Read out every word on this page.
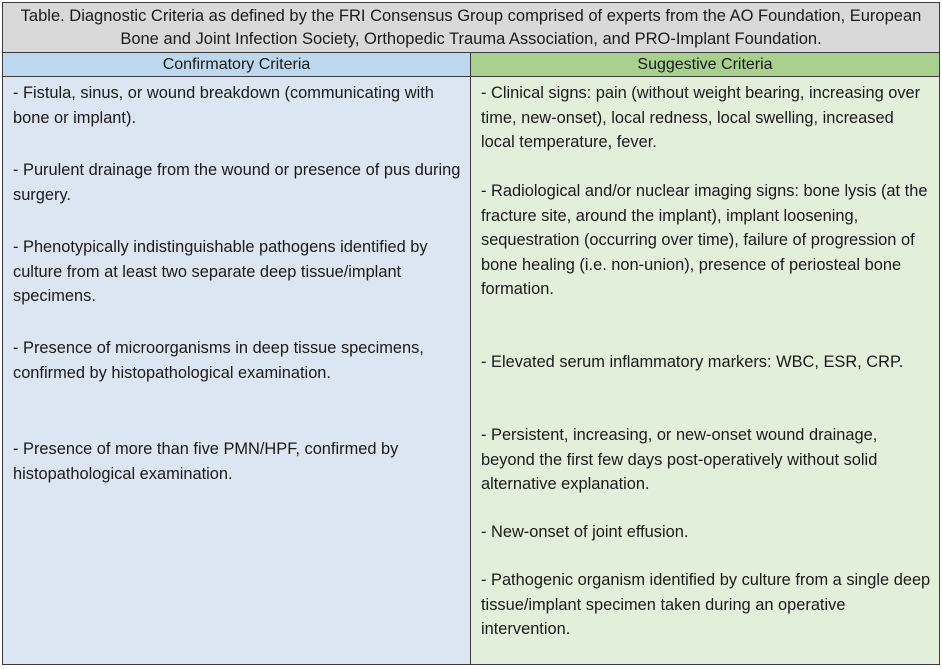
Table. Diagnostic Criteria as defined by the FRI Consensus Group comprised of experts from the AO Foundation, European Bone and Joint Infection Society, Orthopedic Trauma Association, and PRO-Implant Foundation.
Confirmatory Criteria
- Fistula, sinus, or wound breakdown (communicating with bone or implant).
- Purulent drainage from the wound or presence of pus during surgery.
- Phenotypically indistinguishable pathogens identified by culture from at least two separate deep tissue/implant specimens.
- Presence of microorganisms in deep tissue specimens, confirmed by histopathological examination.
- Presence of more than five PMN/HPF, confirmed by histopathological examination.
Suggestive Criteria
- Clinical signs: pain (without weight bearing, increasing over time, new-onset), local redness, local swelling, increased local temperature, fever.
- Radiological and/or nuclear imaging signs: bone lysis (at the fracture site, around the implant), implant loosening, sequestration (occurring over time), failure of progression of bone healing (i.e. non-union), presence of periosteal bone formation.
- Elevated serum inflammatory markers: WBC, ESR, CRP.
- Persistent, increasing, or new-onset wound drainage, beyond the first few days post-operatively without solid alternative explanation.
- New-onset of joint effusion.
- Pathogenic organism identified by culture from a single deep tissue/implant specimen taken during an operative intervention.
